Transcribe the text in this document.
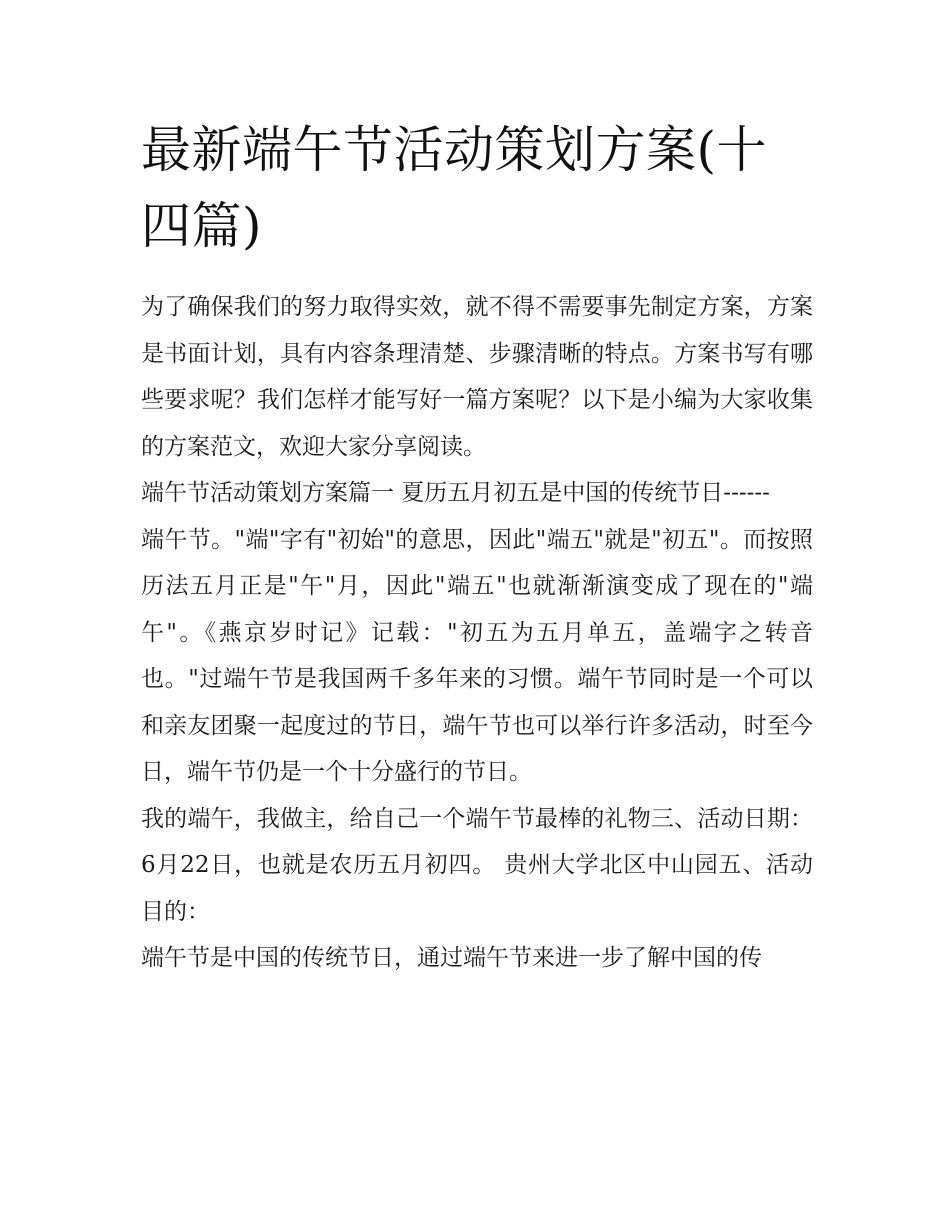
最新端午节活动策划方案(十四篇)

为了确保我们的努力取得实效，就不得不需要事先制定方案，方案是书面计划，具有内容条理清楚、步骤清晰的特点。方案书写有哪些要求呢？我们怎样才能写好一篇方案呢？以下是小编为大家收集的方案范文，欢迎大家分享阅读。

端午节活动策划方案篇一 夏历五月初五是中国的传统节日------

端午节。"端"字有"初始"的意思，因此"端五"就是"初五"。而按照历法五月正是"午"月，因此"端五"也就渐渐演变成了现在的"端午"。《燕京岁时记》记载："初五为五月单五，盖端字之转音也。"过端午节是我国两千多年来的习惯。端午节同时是一个可以和亲友团聚一起度过的节日，端午节也可以举行许多活动，时至今日，端午节仍是一个十分盛行的节日。

我的端午，我做主，给自己一个端午节最棒的礼物三、活动日期： 6月22日，也就是农历五月初四。 贵州大学北区中山园五、活动目的：

端午节是中国的传统节日，通过端午节来进一步了解中国的传
